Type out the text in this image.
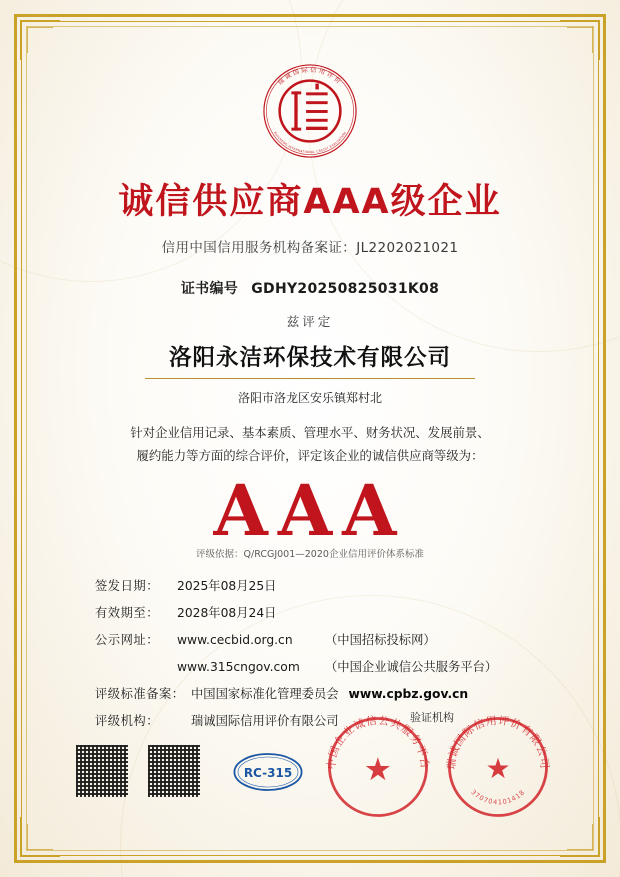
瑞诚国际信用评价
RUICHENG INTERNATIONAL CREDIT EVALUATION
诚信供应商AAA级企业
信用中国信用服务机构备案证：JL2202021021
证书编号 GDHY20250825031K08
兹评定
洛阳永洁环保技术有限公司
洛阳市洛龙区安乐镇郑村北
针对企业信用记录、基本素质、管理水平、财务状况、发展前景、
履约能力等方面的综合评价，评定该企业的诚信供应商等级为：
AAA
评级依据：Q/RCGJ001—2020企业信用评价体系标准
签发日期：	2025年08月25日
有效期至：	2028年08月24日
公示网址：	www.cecbid.org.cn	（中国招标投标网）
www.315cngov.com	（中国企业诚信公共服务平台）
评级标准备案： 中国国家标准化管理委员会 www.cpbz.gov.cn
评级机构：	瑞诚国际信用评价有限公司
RC-315
验证机构
中国企业诚信公共服务平台
★	瑞诚国际信用评价有限公司
370704101418
★
